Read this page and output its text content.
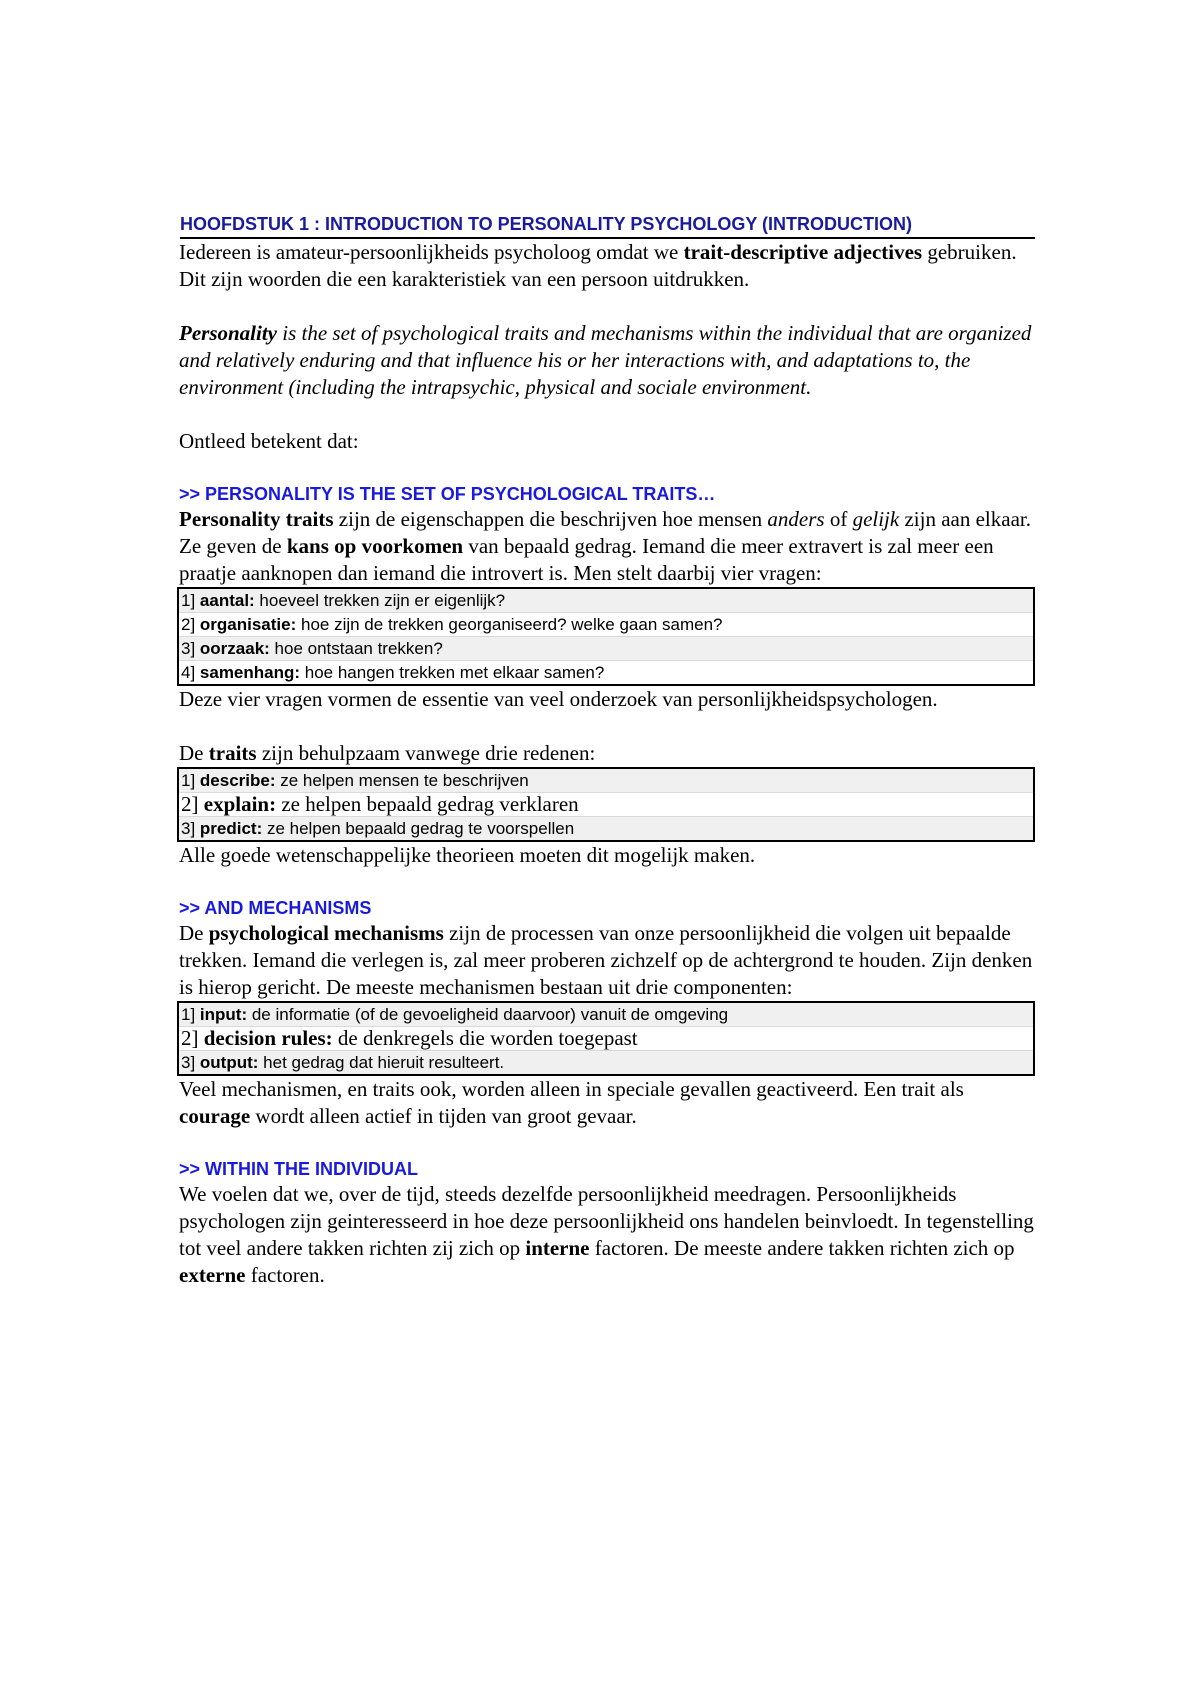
HOOFDSTUK 1 : INTRODUCTION TO PERSONALITY PSYCHOLOGY (INTRODUCTION)

Iedereen is amateur-persoonlijkheids psycholoog omdat we trait-descriptive adjectives gebruiken. Dit zijn woorden die een karakteristiek van een persoon uitdrukken.

Personality is the set of psychological traits and mechanisms within the individual that are organized and relatively enduring and that influence his or her interactions with, and adaptations to, the environment (including the intrapsychic, physical and sociale environment.

Ontleed betekent dat:

>> PERSONALITY IS THE SET OF PSYCHOLOGICAL TRAITS…

Personality traits zijn de eigenschappen die beschrijven hoe mensen anders of gelijk zijn aan elkaar. Ze geven de kans op voorkomen van bepaald gedrag. Iemand die meer extravert is zal meer een praatje aanknopen dan iemand die introvert is. Men stelt daarbij vier vragen:

1] aantal: hoeveel trekken zijn er eigenlijk?
2] organisatie: hoe zijn de trekken georganiseerd? welke gaan samen?
3] oorzaak: hoe ontstaan trekken?
4] samenhang: hoe hangen trekken met elkaar samen?

Deze vier vragen vormen de essentie van veel onderzoek van personlijkheidspsychologen.

De traits zijn behulpzaam vanwege drie redenen:

1] describe: ze helpen mensen te beschrijven
2] explain: ze helpen bepaald gedrag verklaren
3] predict: ze helpen bepaald gedrag te voorspellen

Alle goede wetenschappelijke theorieen moeten dit mogelijk maken.

>> AND MECHANISMS

De psychological mechanisms zijn de processen van onze persoonlijkheid die volgen uit bepaalde trekken. Iemand die verlegen is, zal meer proberen zichzelf op de achtergrond te houden. Zijn denken is hierop gericht. De meeste mechanismen bestaan uit drie componenten:

1] input: de informatie (of de gevoeligheid daarvoor) vanuit de omgeving
2] decision rules: de denkregels die worden toegepast
3] output: het gedrag dat hieruit resulteert.

Veel mechanismen, en traits ook, worden alleen in speciale gevallen geactiveerd. Een trait als courage wordt alleen actief in tijden van groot gevaar.

>> WITHIN THE INDIVIDUAL

We voelen dat we, over de tijd, steeds dezelfde persoonlijkheid meedragen. Persoonlijkheids psychologen zijn geinteresseerd in hoe deze persoonlijkheid ons handelen beinvloedt. In tegenstelling tot veel andere takken richten zij zich op interne factoren. De meeste andere takken richten zich op externe factoren.
